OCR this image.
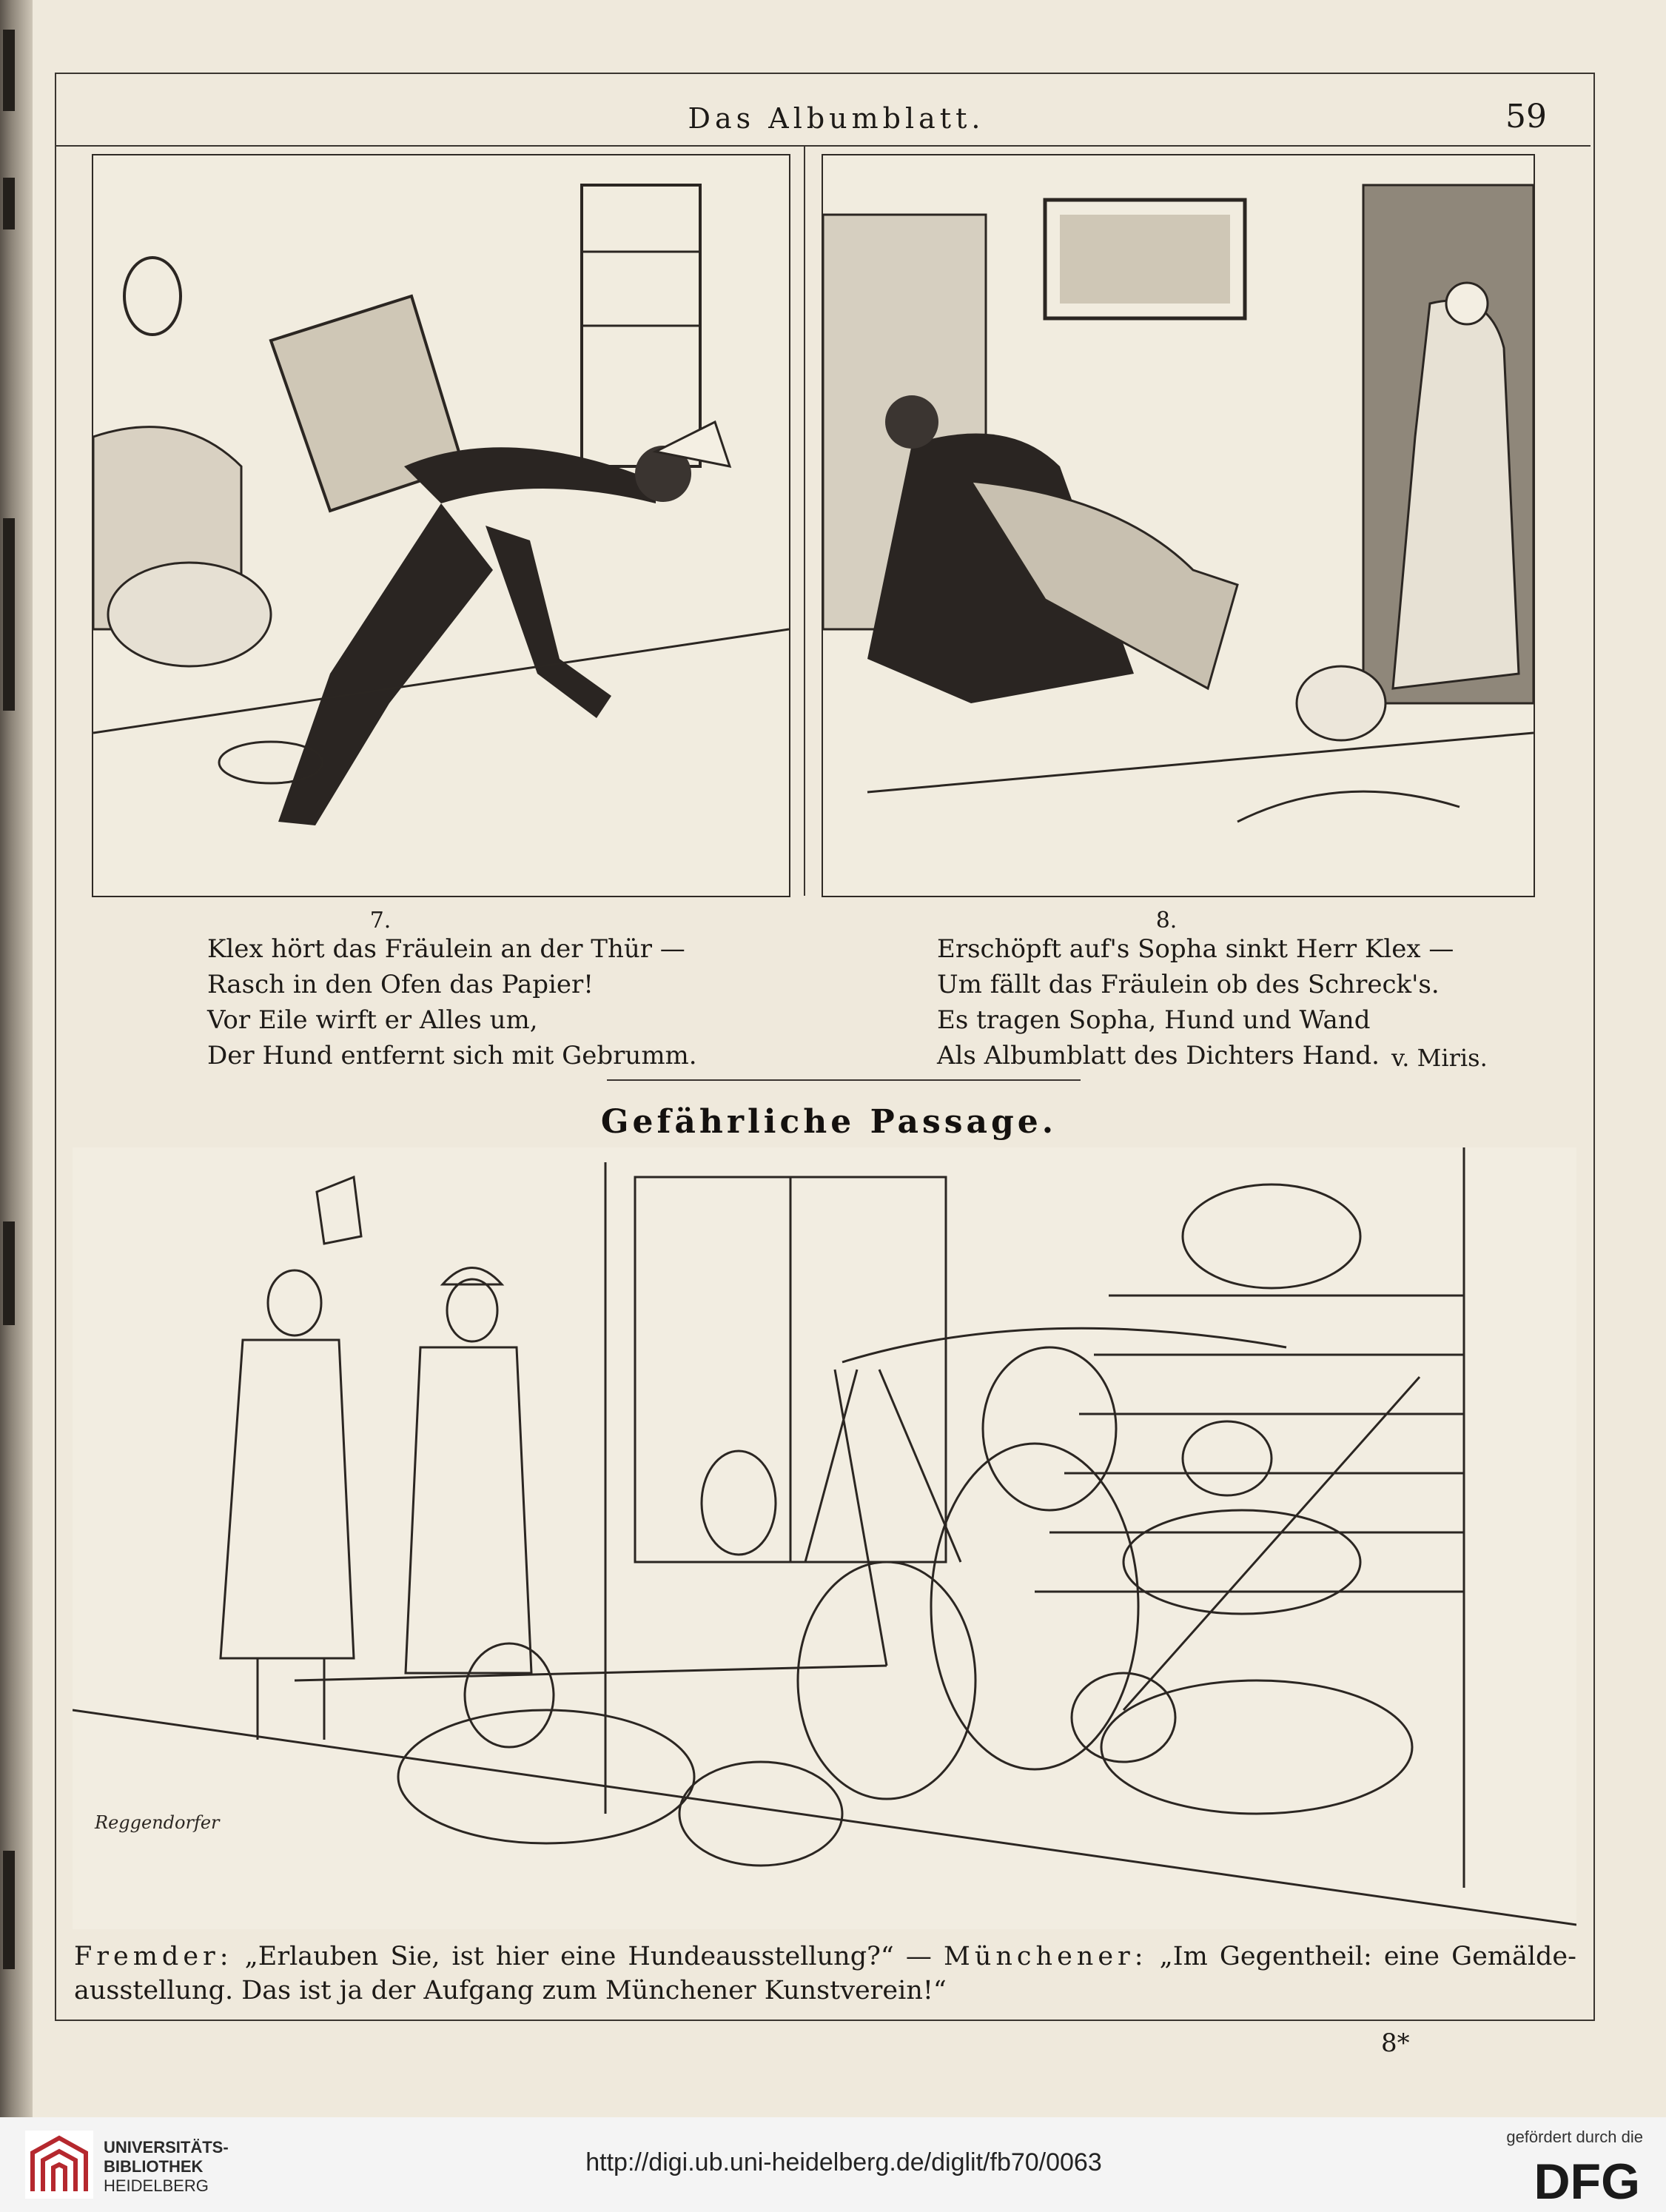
Das Albumblatt.	59
7.	8.
Klex hört das Fräulein an der Thür —
Rasch in den Ofen das Papier!
Vor Eile wirft er Alles um,
Der Hund entfernt sich mit Gebrumm.
Erschöpft auf's Sopha sinkt Herr Klex —
Um fällt das Fräulein ob des Schreck's.
Es tragen Sopha, Hund und Wand
Als Albumblatt des Dichters Hand. v. Miris.
Gefährliche Passage.
Reggendorfer
Fremder: „Erlauben Sie, ist hier eine Hundeausstellung?“ — Münchener: „Im Gegentheil: eine Gemälde-ausstellung. Das ist ja der Aufgang zum Münchener Kunstverein!“
8*
UNIVERSITÄTS-
BIBLIOTHEK
HEIDELBERG
http://digi.ub.uni-heidelberg.de/diglit/fb70/0063
gefördert durch die
DFG
